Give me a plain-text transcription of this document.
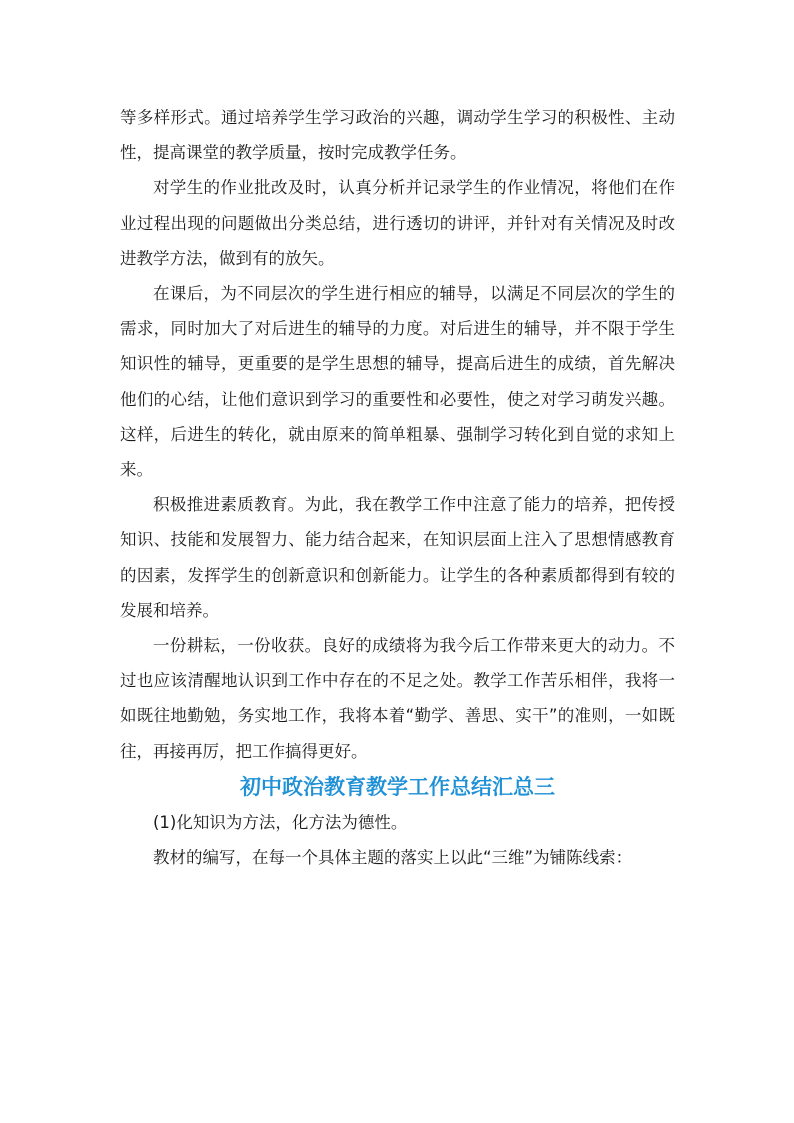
等多样形式。通过培养学生学习政治的兴趣，调动学生学习的积极性、主动性，提高课堂的教学质量，按时完成教学任务。

对学生的作业批改及时，认真分析并记录学生的作业情况，将他们在作业过程出现的问题做出分类总结，进行透切的讲评，并针对有关情况及时改进教学方法，做到有的放矢。

在课后，为不同层次的学生进行相应的辅导，以满足不同层次的学生的需求，同时加大了对后进生的辅导的力度。对后进生的辅导，并不限于学生知识性的辅导，更重要的是学生思想的辅导，提高后进生的成绩，首先解决他们的心结，让他们意识到学习的重要性和必要性，使之对学习萌发兴趣。这样，后进生的转化，就由原来的简单粗暴、强制学习转化到自觉的求知上来。

积极推进素质教育。为此，我在教学工作中注意了能力的培养，把传授知识、技能和发展智力、能力结合起来，在知识层面上注入了思想情感教育的因素，发挥学生的创新意识和创新能力。让学生的各种素质都得到有较的发展和培养。

一份耕耘，一份收获。良好的成绩将为我今后工作带来更大的动力。不过也应该清醒地认识到工作中存在的不足之处。教学工作苦乐相伴，我将一如既往地勤勉，务实地工作，我将本着“勤学、善思、实干”的准则，一如既往，再接再厉，把工作搞得更好。

初中政治教育教学工作总结汇总三

(1)化知识为方法，化方法为德性。

教材的编写，在每一个具体主题的落实上以此“三维”为铺陈线索：
